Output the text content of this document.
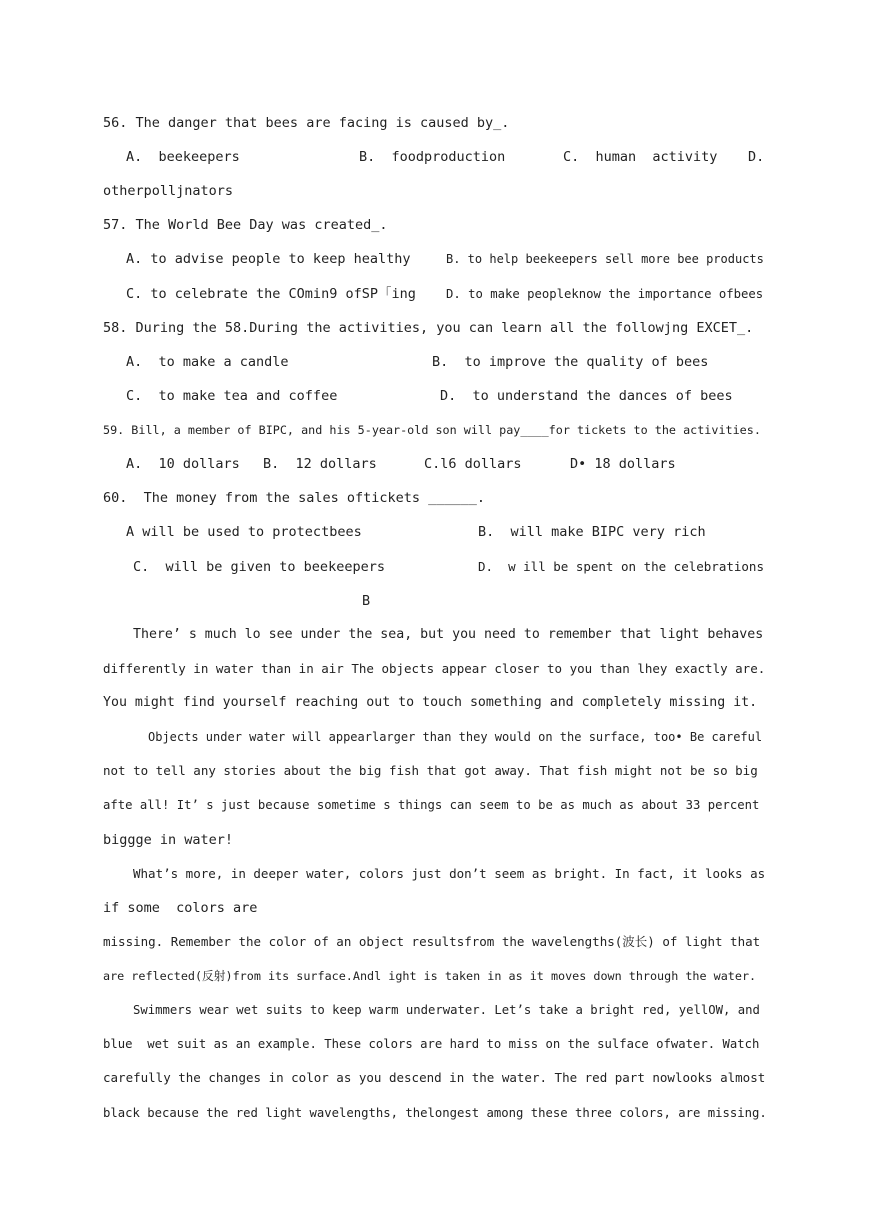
56. The danger that bees are facing is caused by_.
A.  beekeepers	B.  foodproduction	C.  human  activity D.
otherpolljnators
57. The World Bee Day was created_.
A. to advise people to keep healthy	B. to help beekeepers sell more bee products
C. to celebrate the COmin9 ofSP「ing D. to make peopleknow the importance ofbees
58. During the 58.During the activities, you can learn all the followjng EXCET_.
A.  to make a candle	B.  to improve the quality of bees
C.  to make tea and coffee	D.  to understand the dances of bees
59. Bill, a member of BIPC, and his 5-year-old son will pay____for tickets to the activities.
A.  10 dollars B.  12 dollars	C.l6 dollars	D• 18 dollars
60.  The money from the sales oftickets ______.
A will be used to protectbees	B.  will make BIPC very rich
C.  will be given to beekeepers	D.  w ill be spent on the celebrations
B
There’ s much lo see under the sea, but you need to remember that light behaves
differently in water than in air The objects appear closer to you than lhey exactly are.
You might find yourself reaching out to touch something and completely missing it.
Objects under water will appearlarger than they would on the surface, too• Be careful
not to tell any stories about the big fish that got away. That fish might not be so big
afte all! It’ s just because sometime s things can seem to be as much as about 33 percent
biggge in water!
What’s more, in deeper water, colors just don’t seem as bright. In fact, it looks as
if some  colors are
missing. Remember the color of an object resultsfrom the wavelengths(波长) of light that
are reflected(反射)from its surface.Andl ight is taken in as it moves down through the water.
Swimmers wear wet suits to keep warm underwater. Let’s take a bright red, yellOW, and
blue  wet suit as an example. These colors are hard to miss on the sulface ofwater. Watch
carefully the changes in color as you descend in the water. The red part nowlooks almost
black because the red light wavelengths, thelongest among these three colors, are missing.
